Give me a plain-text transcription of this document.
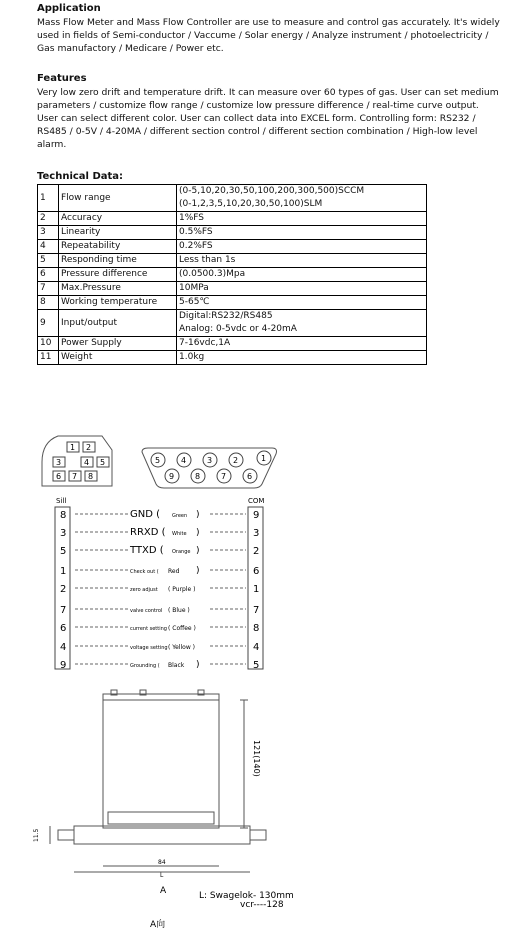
Application

Mass Flow Meter and Mass Flow Controller are use to measure and control gas accurately. It's widely used in fields of Semi-conductor / Vaccume / Solar energy / Analyze instrument / photoelectricity / Gas manufactory / Medicare / Power etc.

Features

Very low zero drift and temperature drift. It can measure over 60 types of gas. User can set medium parameters / customize flow range / customize low pressure difference / real-time curve output. User can select different color. User can collect data into EXCEL form. Controlling form: RS232 / RS485 / 0-5V / 4-20MA / different section control / different section combination / High-low level alarm.

Technical Data:
1	Flow range	(0-5,10,20,30,50,100,200,300,500)SCCM
(0-1,2,3,5,10,20,30,50,100)SLM

2	Accuracy	1%FS

3	Linearity	0.5%FS

4	Repeatability	0.2%FS

5	Responding time	Less than 1s

6	Pressure difference	(0.0500.3)Mpa

7	Max.Pressure	10MPa

8	Working temperature	5-65℃

9	Input/output	Digital:RS232/RS485
Analog: 0-5vdc or 4-20mA

10	Power Supply	7-16vdc,1A

11	Weight	1.0kg
1 2
3	4 5
6 7 8
5	4	3	2	1
9	8	7	6
Sill	COM
8	9
GND ( Green )
3	3
RRXD ( White )
5	2
TTXD ( Orange )
1	6
Check out ( Red )
2	1
zero adjust ( Purple )
7	7
valve control ( Blue )
6	8
current setting ( Coffee )
4	4
voltage setting ( Yellow )
9	5
Grounding ( Black )
121(140)
11.5
84
L
A	L: Swagelok- 130mm
vcr----128
A向
